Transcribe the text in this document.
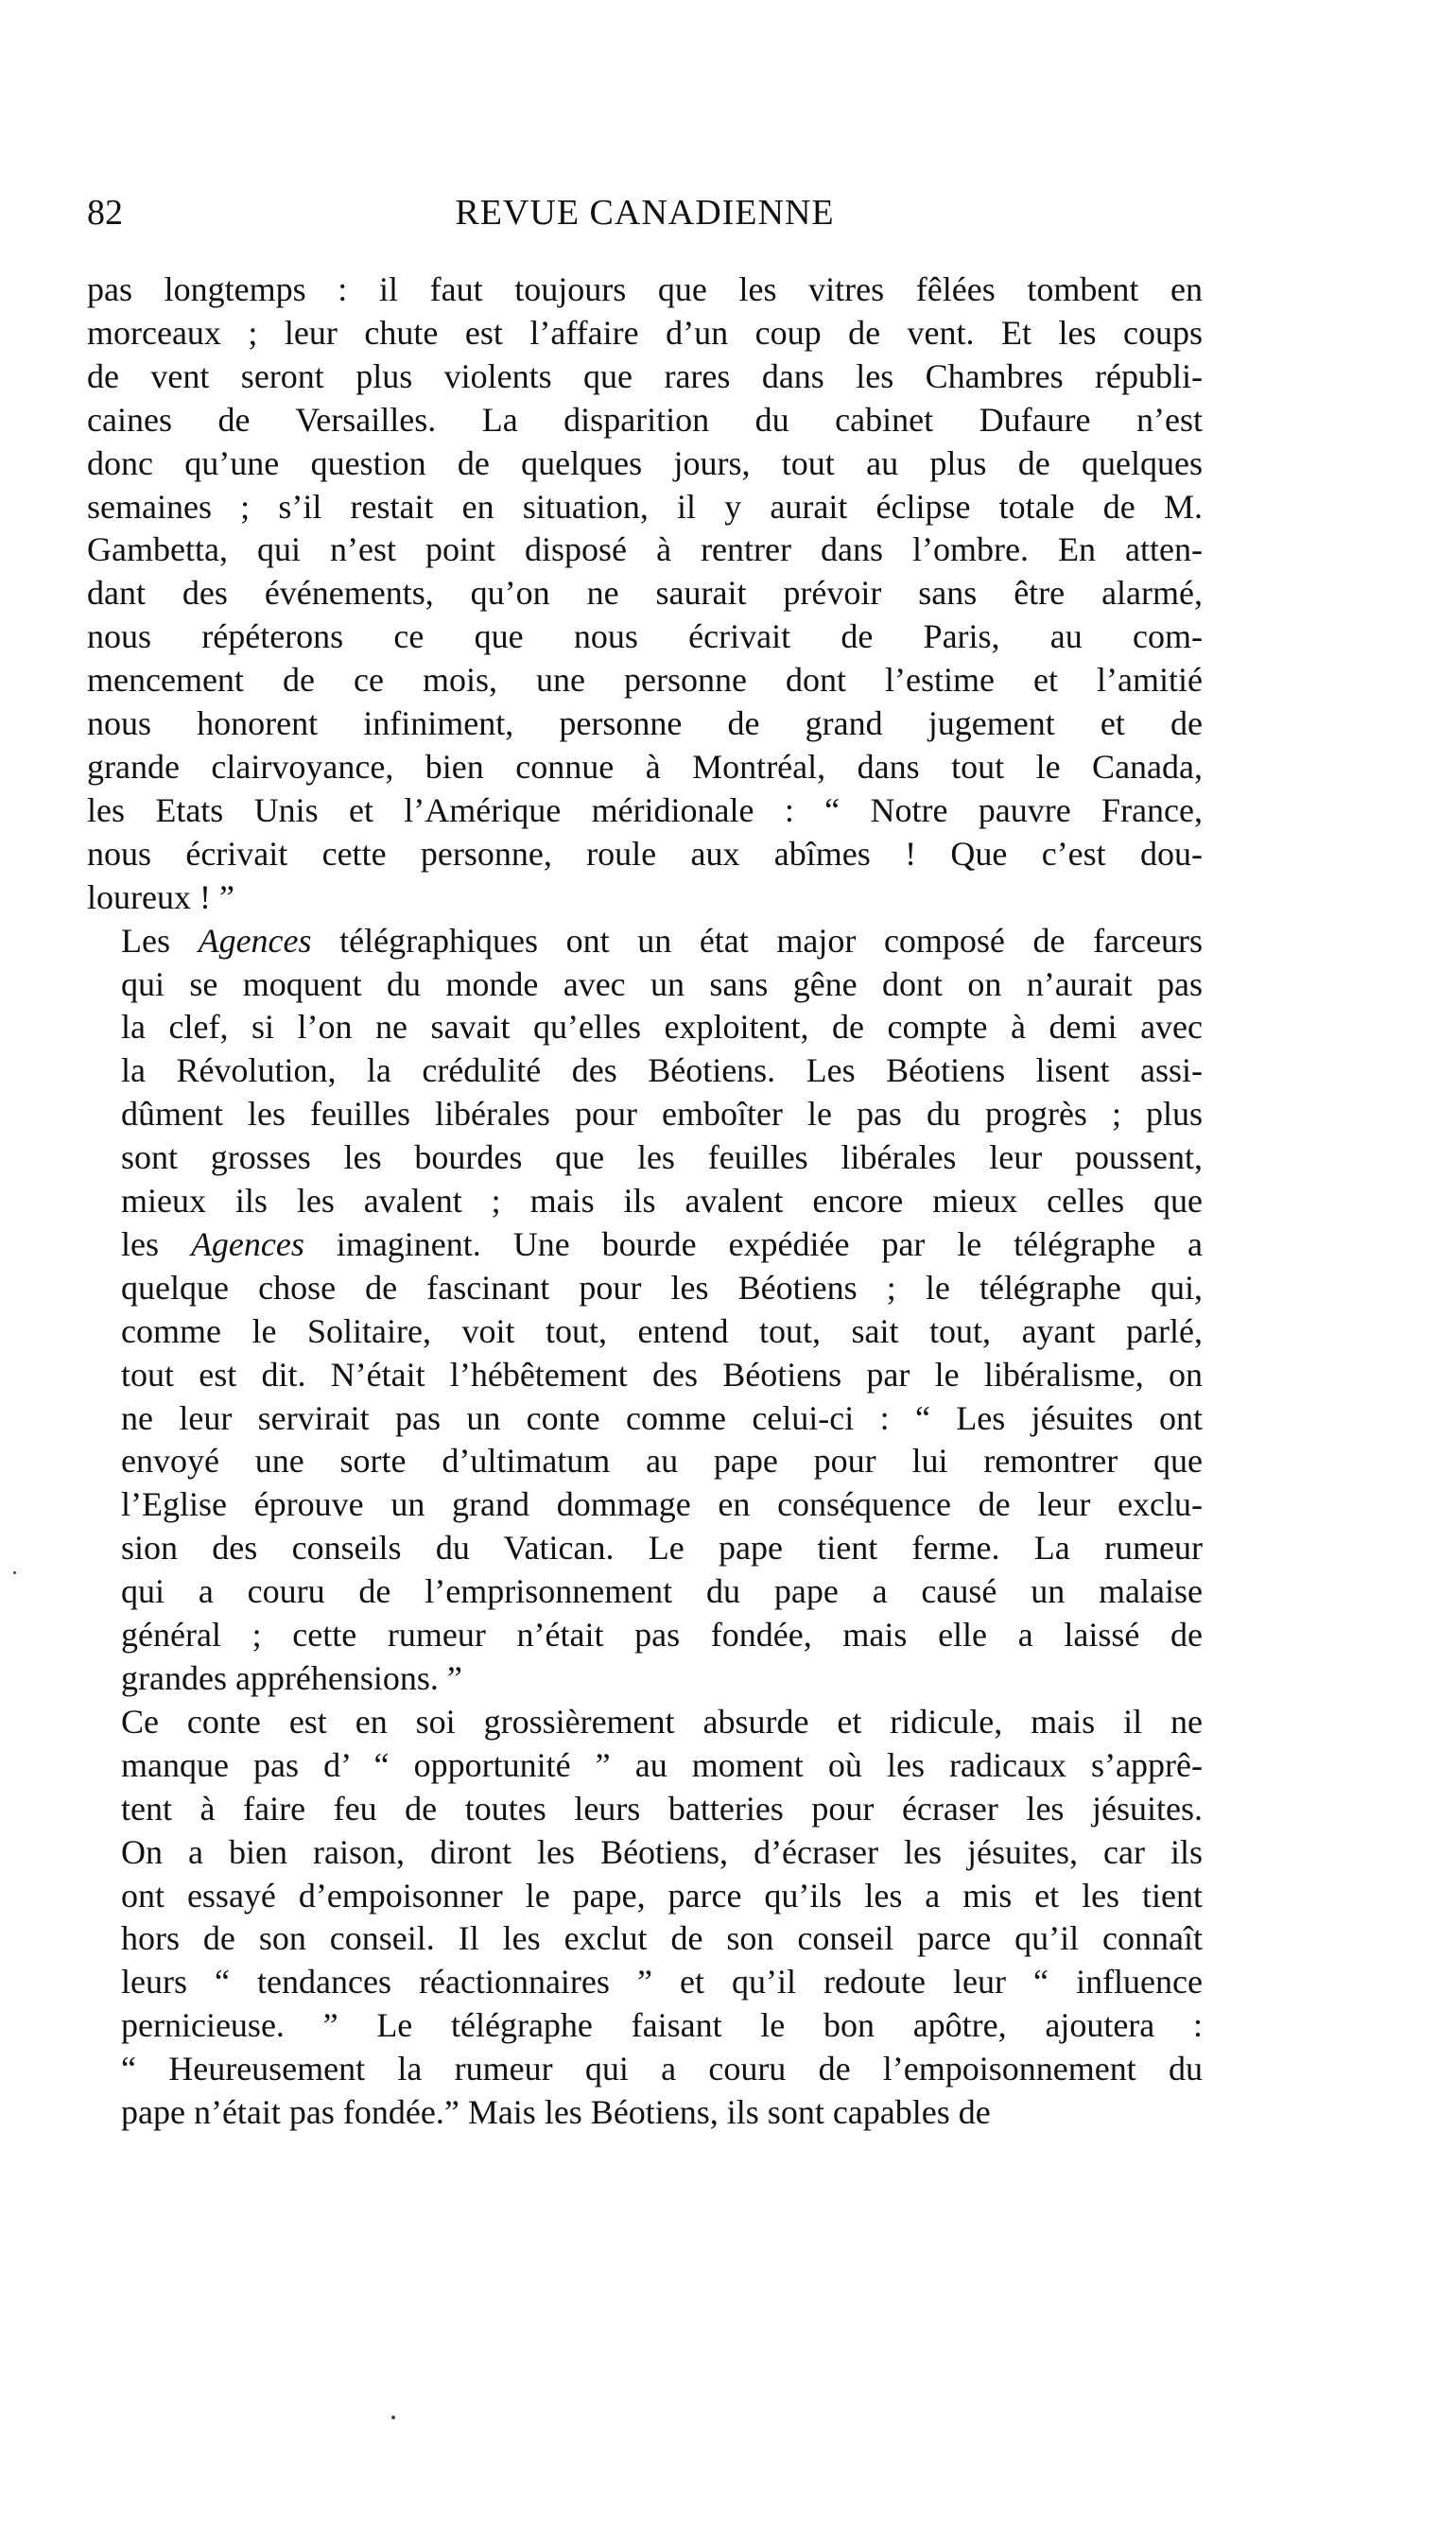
82	REVUE CANADIENNE

pas longtemps : il faut toujours que les vitres fêlées tombent en
morceaux ; leur chute est l’affaire d’un coup de vent. Et les coups
de vent seront plus violents que rares dans les Chambres républi-
caines de Versailles. La disparition du cabinet Dufaure n’est
donc qu’une question de quelques jours, tout au plus de quelques
semaines ; s’il restait en situation, il y aurait éclipse totale de M.
Gambetta, qui n’est point disposé à rentrer dans l’ombre. En atten-
dant des événements, qu’on ne saurait prévoir sans être alarmé,
nous répéterons ce que nous écrivait de Paris, au com-
mencement de ce mois, une personne dont l’estime et l’amitié
nous honorent infiniment, personne de grand jugement et de
grande clairvoyance, bien connue à Montréal, dans tout le Canada,
les Etats Unis et l’Amérique méridionale : “ Notre pauvre France,
nous écrivait cette personne, roule aux abîmes ! Que c’est dou-
loureux ! ”

Les Agences télégraphiques ont un état major composé de farceurs
qui se moquent du monde avec un sans gêne dont on n’aurait pas
la clef, si l’on ne savait qu’elles exploitent, de compte à demi avec
la Révolution, la crédulité des Béotiens. Les Béotiens lisent assi-
dûment les feuilles libérales pour emboîter le pas du progrès ; plus
sont grosses les bourdes que les feuilles libérales leur poussent,
mieux ils les avalent ; mais ils avalent encore mieux celles que
les Agences imaginent. Une bourde expédiée par le télégraphe a
quelque chose de fascinant pour les Béotiens ; le télégraphe qui,
comme le Solitaire, voit tout, entend tout, sait tout, ayant parlé,
tout est dit. N’était l’hébêtement des Béotiens par le libéralisme, on
ne leur servirait pas un conte comme celui-ci : “ Les jésuites ont
envoyé une sorte d’ultimatum au pape pour lui remontrer que
l’Eglise éprouve un grand dommage en conséquence de leur exclu-
sion des conseils du Vatican. Le pape tient ferme. La rumeur
qui a couru de l’emprisonnement du pape a causé un malaise
général ; cette rumeur n’était pas fondée, mais elle a laissé de
grandes appréhensions. ”

Ce conte est en soi grossièrement absurde et ridicule, mais il ne
manque pas d’ “ opportunité ” au moment où les radicaux s’apprê-
tent à faire feu de toutes leurs batteries pour écraser les jésuites.
On a bien raison, diront les Béotiens, d’écraser les jésuites, car ils
ont essayé d’empoisonner le pape, parce qu’ils les a mis et les tient
hors de son conseil. Il les exclut de son conseil parce qu’il connaît
leurs “ tendances réactionnaires ” et qu’il redoute leur “ influence
pernicieuse. ” Le télégraphe faisant le bon apôtre, ajoutera :
“ Heureusement la rumeur qui a couru de l’empoisonnement du
pape n’était pas fondée.” Mais les Béotiens, ils sont capables de
